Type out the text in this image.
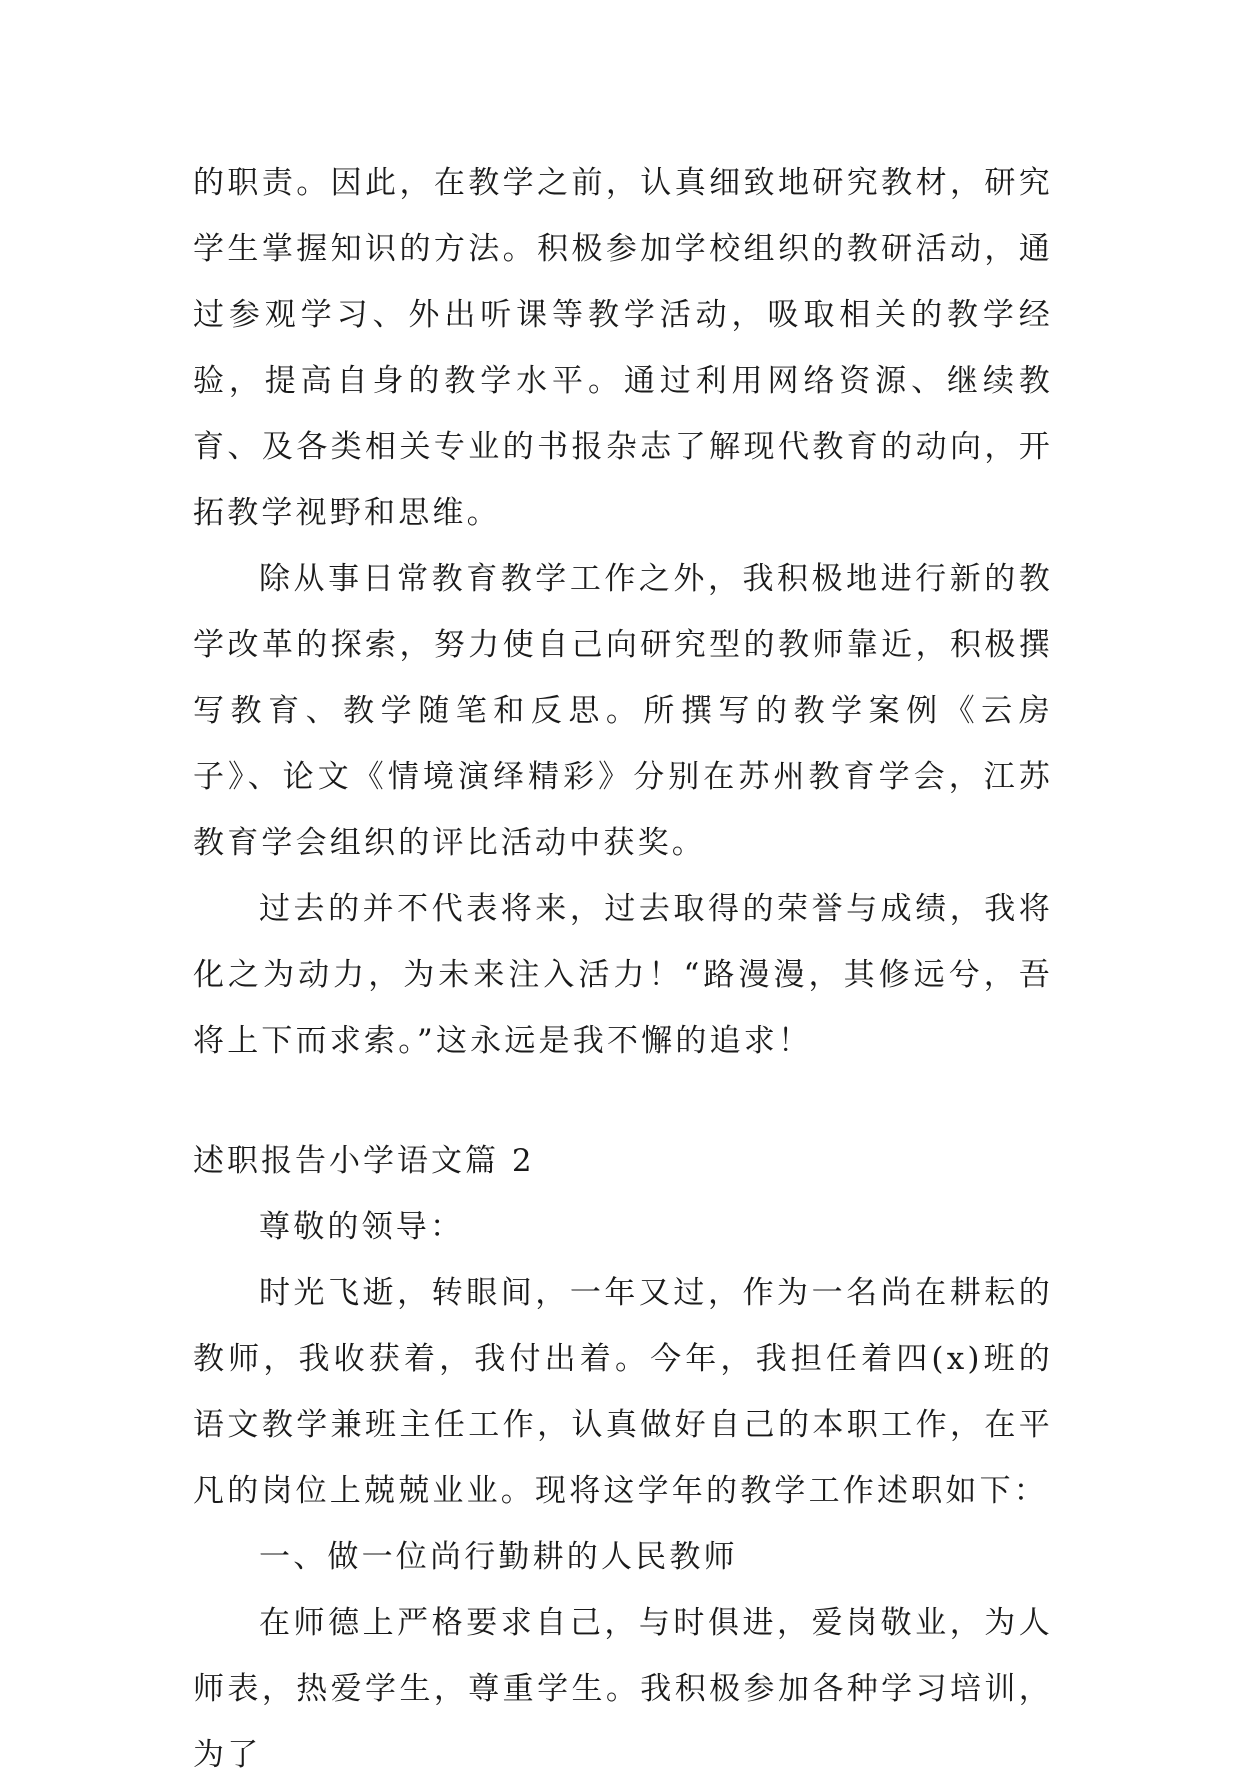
的职责。因此，在教学之前，认真细致地研究教材，研究学生掌握知识的方法。积极参加学校组织的教研活动，通过参观学习、外出听课等教学活动，吸取相关的教学经验，提高自身的教学水平。通过利用网络资源、继续教育、及各类相关专业的书报杂志了解现代教育的动向，开拓教学视野和思维。

除从事日常教育教学工作之外，我积极地进行新的教学改革的探索，努力使自己向研究型的教师靠近，积极撰写教育、教学随笔和反思。所撰写的教学案例《云房子》、论文《情境演绎精彩》分别在苏州教育学会，江苏教育学会组织的评比活动中获奖。

过去的并不代表将来，过去取得的荣誉与成绩，我将化之为动力，为未来注入活力！“路漫漫，其修远兮，吾将上下而求索。”这永远是我不懈的追求！

述职报告小学语文篇 2

尊敬的领导：

时光飞逝，转眼间，一年又过，作为一名尚在耕耘的教师，我收获着，我付出着。今年，我担任着四(x)班的语文教学兼班主任工作，认真做好自己的本职工作，在平凡的岗位上兢兢业业。现将这学年的教学工作述职如下：

一、做一位尚行勤耕的人民教师

在师德上严格要求自己，与时俱进，爱岗敬业，为人师表，热爱学生，尊重学生。我积极参加各种学习培训，为了
